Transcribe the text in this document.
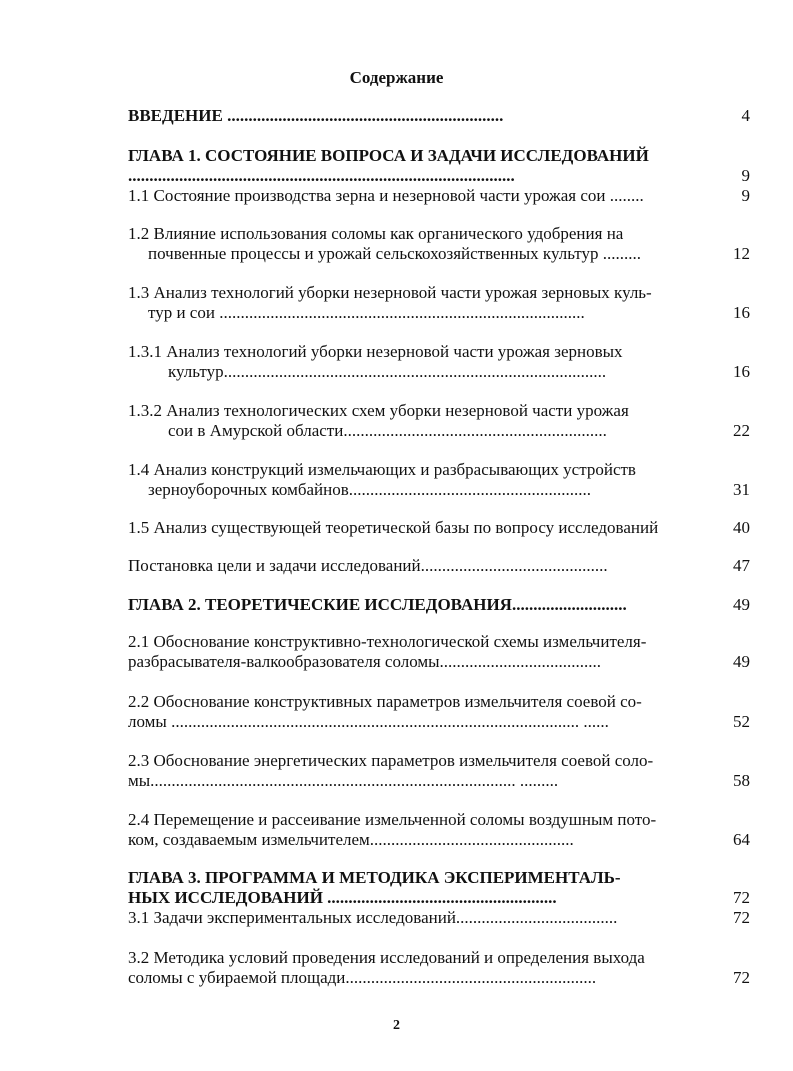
Содержание
ВВЕДЕНИЕ .................................................................	4
ГЛАВА 1. СОСТОЯНИЕ ВОПРОСА И ЗАДАЧИ ИССЛЕДОВАНИЙ
...........................................................................................	9
1.1 Состояние производства зерна и незерновой части урожая сои ........	9
1.2 Влияние использования соломы как органического удобрения на
почвенные процессы и урожай сельскохозяйственных культур .........	12
1.3 Анализ технологий уборки незерновой части урожая зерновых куль-
тур и сои ......................................................................................	16
1.3.1 Анализ технологий уборки незерновой части урожая зерновых
культур..........................................................................................	16
1.3.2 Анализ технологических схем уборки незерновой части урожая
сои в Амурской области..............................................................	22
1.4 Анализ конструкций измельчающих и разбрасывающих устройств
зерноуборочных комбайнов.........................................................	31
1.5 Анализ существующей теоретической базы по вопросу исследований	40
Постановка цели и задачи исследований............................................	47
ГЛАВА 2. ТЕОРЕТИЧЕСКИЕ ИССЛЕДОВАНИЯ...........................	49
2.1 Обоснование конструктивно-технологической схемы измельчителя-
разбрасывателя-валкообразователя соломы......................................	49
2.2 Обоснование конструктивных параметров измельчителя соевой со-
ломы ................................................................................................ ......	52
2.3 Обоснование энергетических параметров измельчителя соевой соло-
мы...................................................................................... .........	58
2.4 Перемещение и рассеивание измельченной соломы воздушным пото-
ком, создаваемым измельчителем................................................	64
ГЛАВА 3. ПРОГРАММА И МЕТОДИКА ЭКСПЕРИМЕНТАЛЬ-
НЫХ ИССЛЕДОВАНИЙ ......................................................	72
3.1 Задачи экспериментальных исследований......................................	72
3.2 Методика условий проведения исследований и определения выхода
соломы с убираемой площади...........................................................	72
2
